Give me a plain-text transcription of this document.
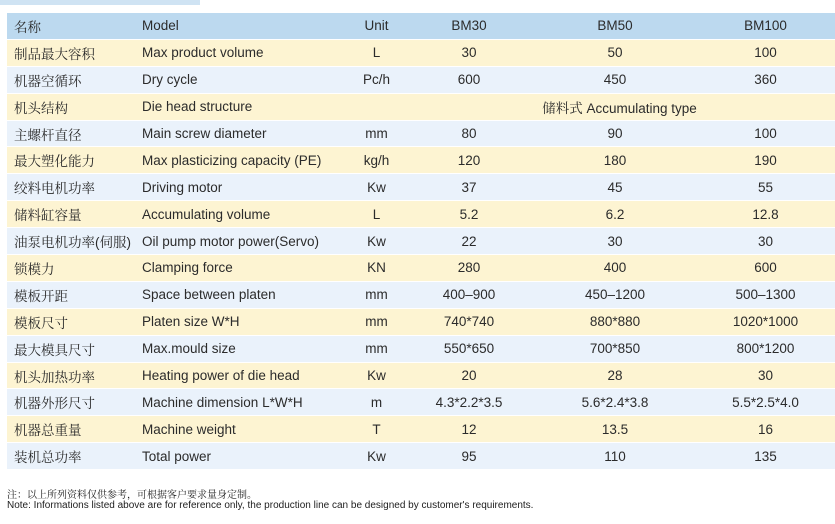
名称	Model	Unit	BM30	BM50	BM100
制品最大容积	Max product volume	L	30	50	100
机器空循环	Dry cycle	Pc/h	600	450	360
机头结构	Die head structure		储料式 Accumulating type		
主螺杆直径	Main screw diameter	mm	80	90	100
最大塑化能力	Max plasticizing capacity (PE)	kg/h	120	180	190
绞料电机功率	Driving motor	Kw	37	45	55
储料缸容量	Accumulating volume	L	5.2	6.2	12.8
油泵电机功率(伺服)	Oil pump motor power(Servo)	Kw	22	30	30
锁模力	Clamping force	KN	280	400	600
模板开距	Space between platen	mm	400–900	450–1200	500–1300
模板尺寸	Platen size W*H	mm	740*740	880*880	1020*1000
最大模具尺寸	Max.mould size	mm	550*650	700*850	800*1200
机头加热功率	Heating power of die head	Kw	20	28	30
机器外形尺寸	Machine dimension L*W*H	m	4.3*2.2*3.5	5.6*2.4*3.8	5.5*2.5*4.0
机器总重量	Machine weight	T	12	13.5	16
装机总功率	Total power	Kw	95	110	135
注：以上所列资料仅供参考，可根据客户要求量身定制。
Note: Informations listed above are for reference only, the production line can be designed by customer's requirements.
